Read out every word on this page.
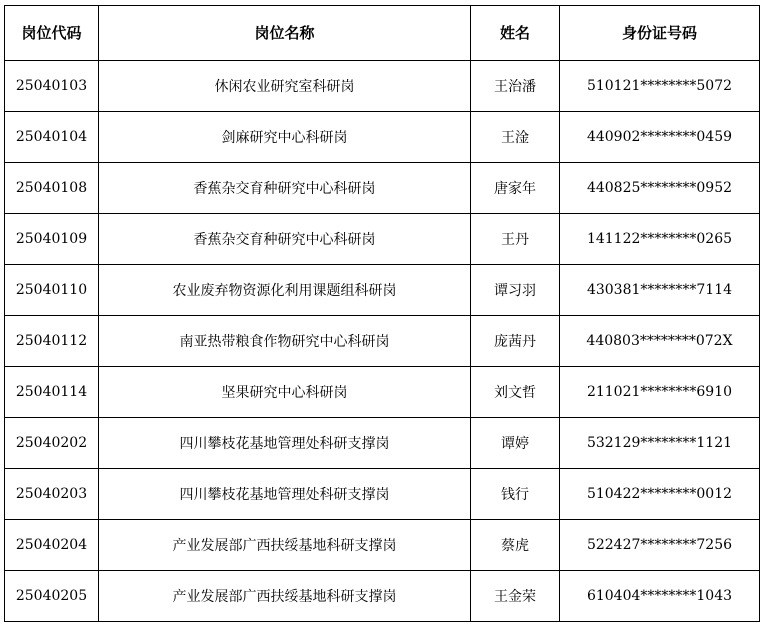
岗位代码	岗位名称	姓名	身份证号码
25040103	休闲农业研究室科研岗	王治潘	510121********5072
25040104	剑麻研究中心科研岗	王淦	440902********0459
25040108	香蕉杂交育种研究中心科研岗	唐家年	440825********0952
25040109	香蕉杂交育种研究中心科研岗	王丹	141122********0265
25040110	农业废弃物资源化利用课题组科研岗	谭习羽	430381********7114
25040112	南亚热带粮食作物研究中心科研岗	庞茜丹	440803********072X
25040114	坚果研究中心科研岗	刘文哲	211021********6910
25040202	四川攀枝花基地管理处科研支撑岗	谭婷	532129********1121
25040203	四川攀枝花基地管理处科研支撑岗	钱行	510422********0012
25040204	产业发展部广西扶绥基地科研支撑岗	蔡虎	522427********7256
25040205	产业发展部广西扶绥基地科研支撑岗	王金荣	610404********1043
